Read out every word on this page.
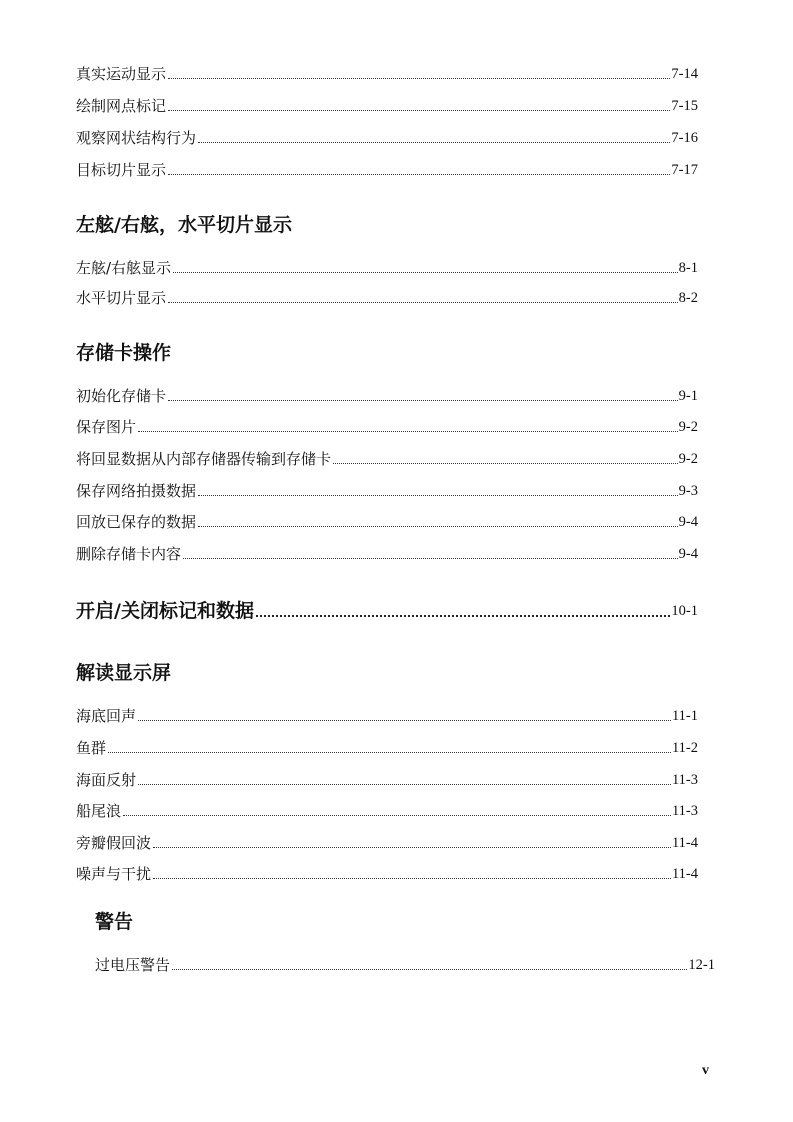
真实运动显示	7-14
绘制网点标记	7-15
观察网状结构行为	7-16
目标切片显示	7-17
左舷/右舷，水平切片显示
左舷/右舷显示	8-1
水平切片显示	8-2
存储卡操作
初始化存储卡	9-1
保存图片	9-2
将回显数据从内部存储器传输到存储卡	9-2
保存网络拍摄数据	9-3
回放已保存的数据	9-4
删除存储卡内容	9-4
开启/关闭标记和数据	10-1
解读显示屏
海底回声	11-1
鱼群	11-2
海面反射	11-3
船尾浪	11-3
旁瓣假回波	11-4
噪声与干扰	11-4
警告
过电压警告	12-1
v
